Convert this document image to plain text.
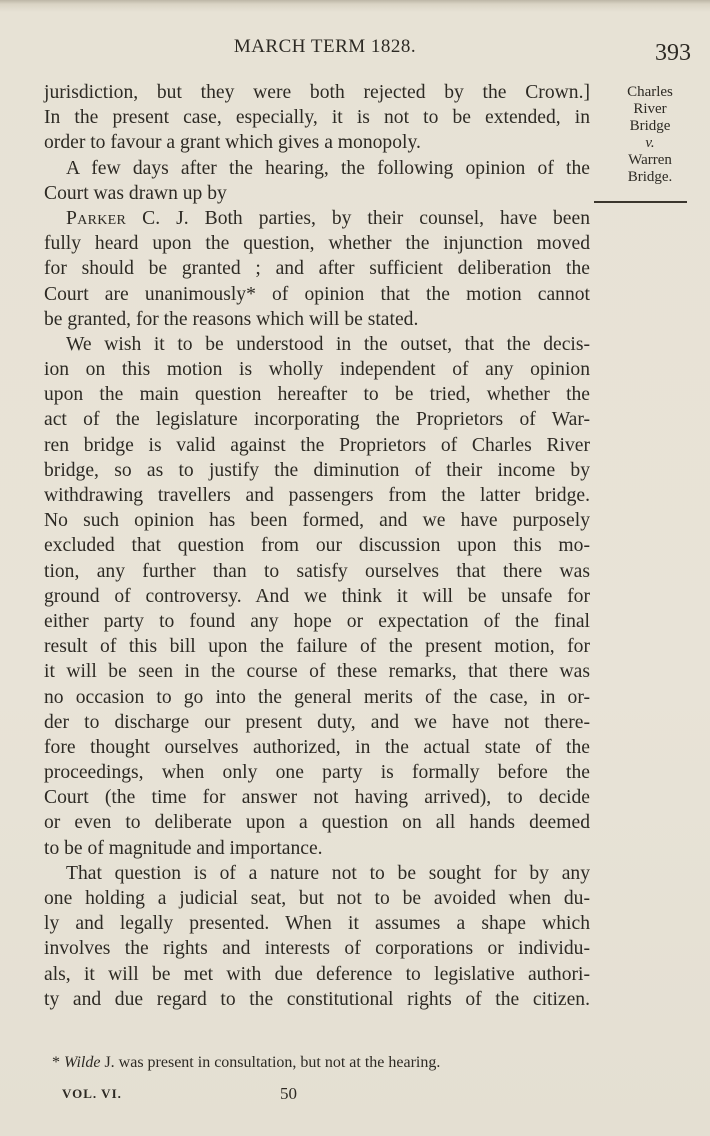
MARCH TERM 1828.	393
jurisdiction, but they were both rejected by the Crown.]
In the present case, especially, it is not to be extended, in
order to favour a grant which gives a monopoly.
A few days after the hearing, the following opinion of the
Court was drawn up by
Parker C. J. Both parties, by their counsel, have been
fully heard upon the question, whether the injunction moved
for should be granted ; and after sufficient deliberation the
Court are unanimously* of opinion that the motion cannot
be granted, for the reasons which will be stated.
We wish it to be understood in the outset, that the decis-
ion on this motion is wholly independent of any opinion
upon the main question hereafter to be tried, whether the
act of the legislature incorporating the Proprietors of War-
ren bridge is valid against the Proprietors of Charles River
bridge, so as to justify the diminution of their income by
withdrawing travellers and passengers from the latter bridge.
No such opinion has been formed, and we have purposely
excluded that question from our discussion upon this mo-
tion, any further than to satisfy ourselves that there was
ground of controversy. And we think it will be unsafe for
either party to found any hope or expectation of the final
result of this bill upon the failure of the present motion, for
it will be seen in the course of these remarks, that there was
no occasion to go into the general merits of the case, in or-
der to discharge our present duty, and we have not there-
fore thought ourselves authorized, in the actual state of the
proceedings, when only one party is formally before the
Court (the time for answer not having arrived), to decide
or even to deliberate upon a question on all hands deemed
to be of magnitude and importance.
That question is of a nature not to be sought for by any
one holding a judicial seat, but not to be avoided when du-
ly and legally presented. When it assumes a shape which
involves the rights and interests of corporations or individu-
als, it will be met with due deference to legislative authori-
ty and due regard to the constitutional rights of the citizen.
Charles
River
Bridge
v.
Warren
Bridge.
* Wilde J. was present in consultation, but not at the hearing.
VOL. VI.	50
